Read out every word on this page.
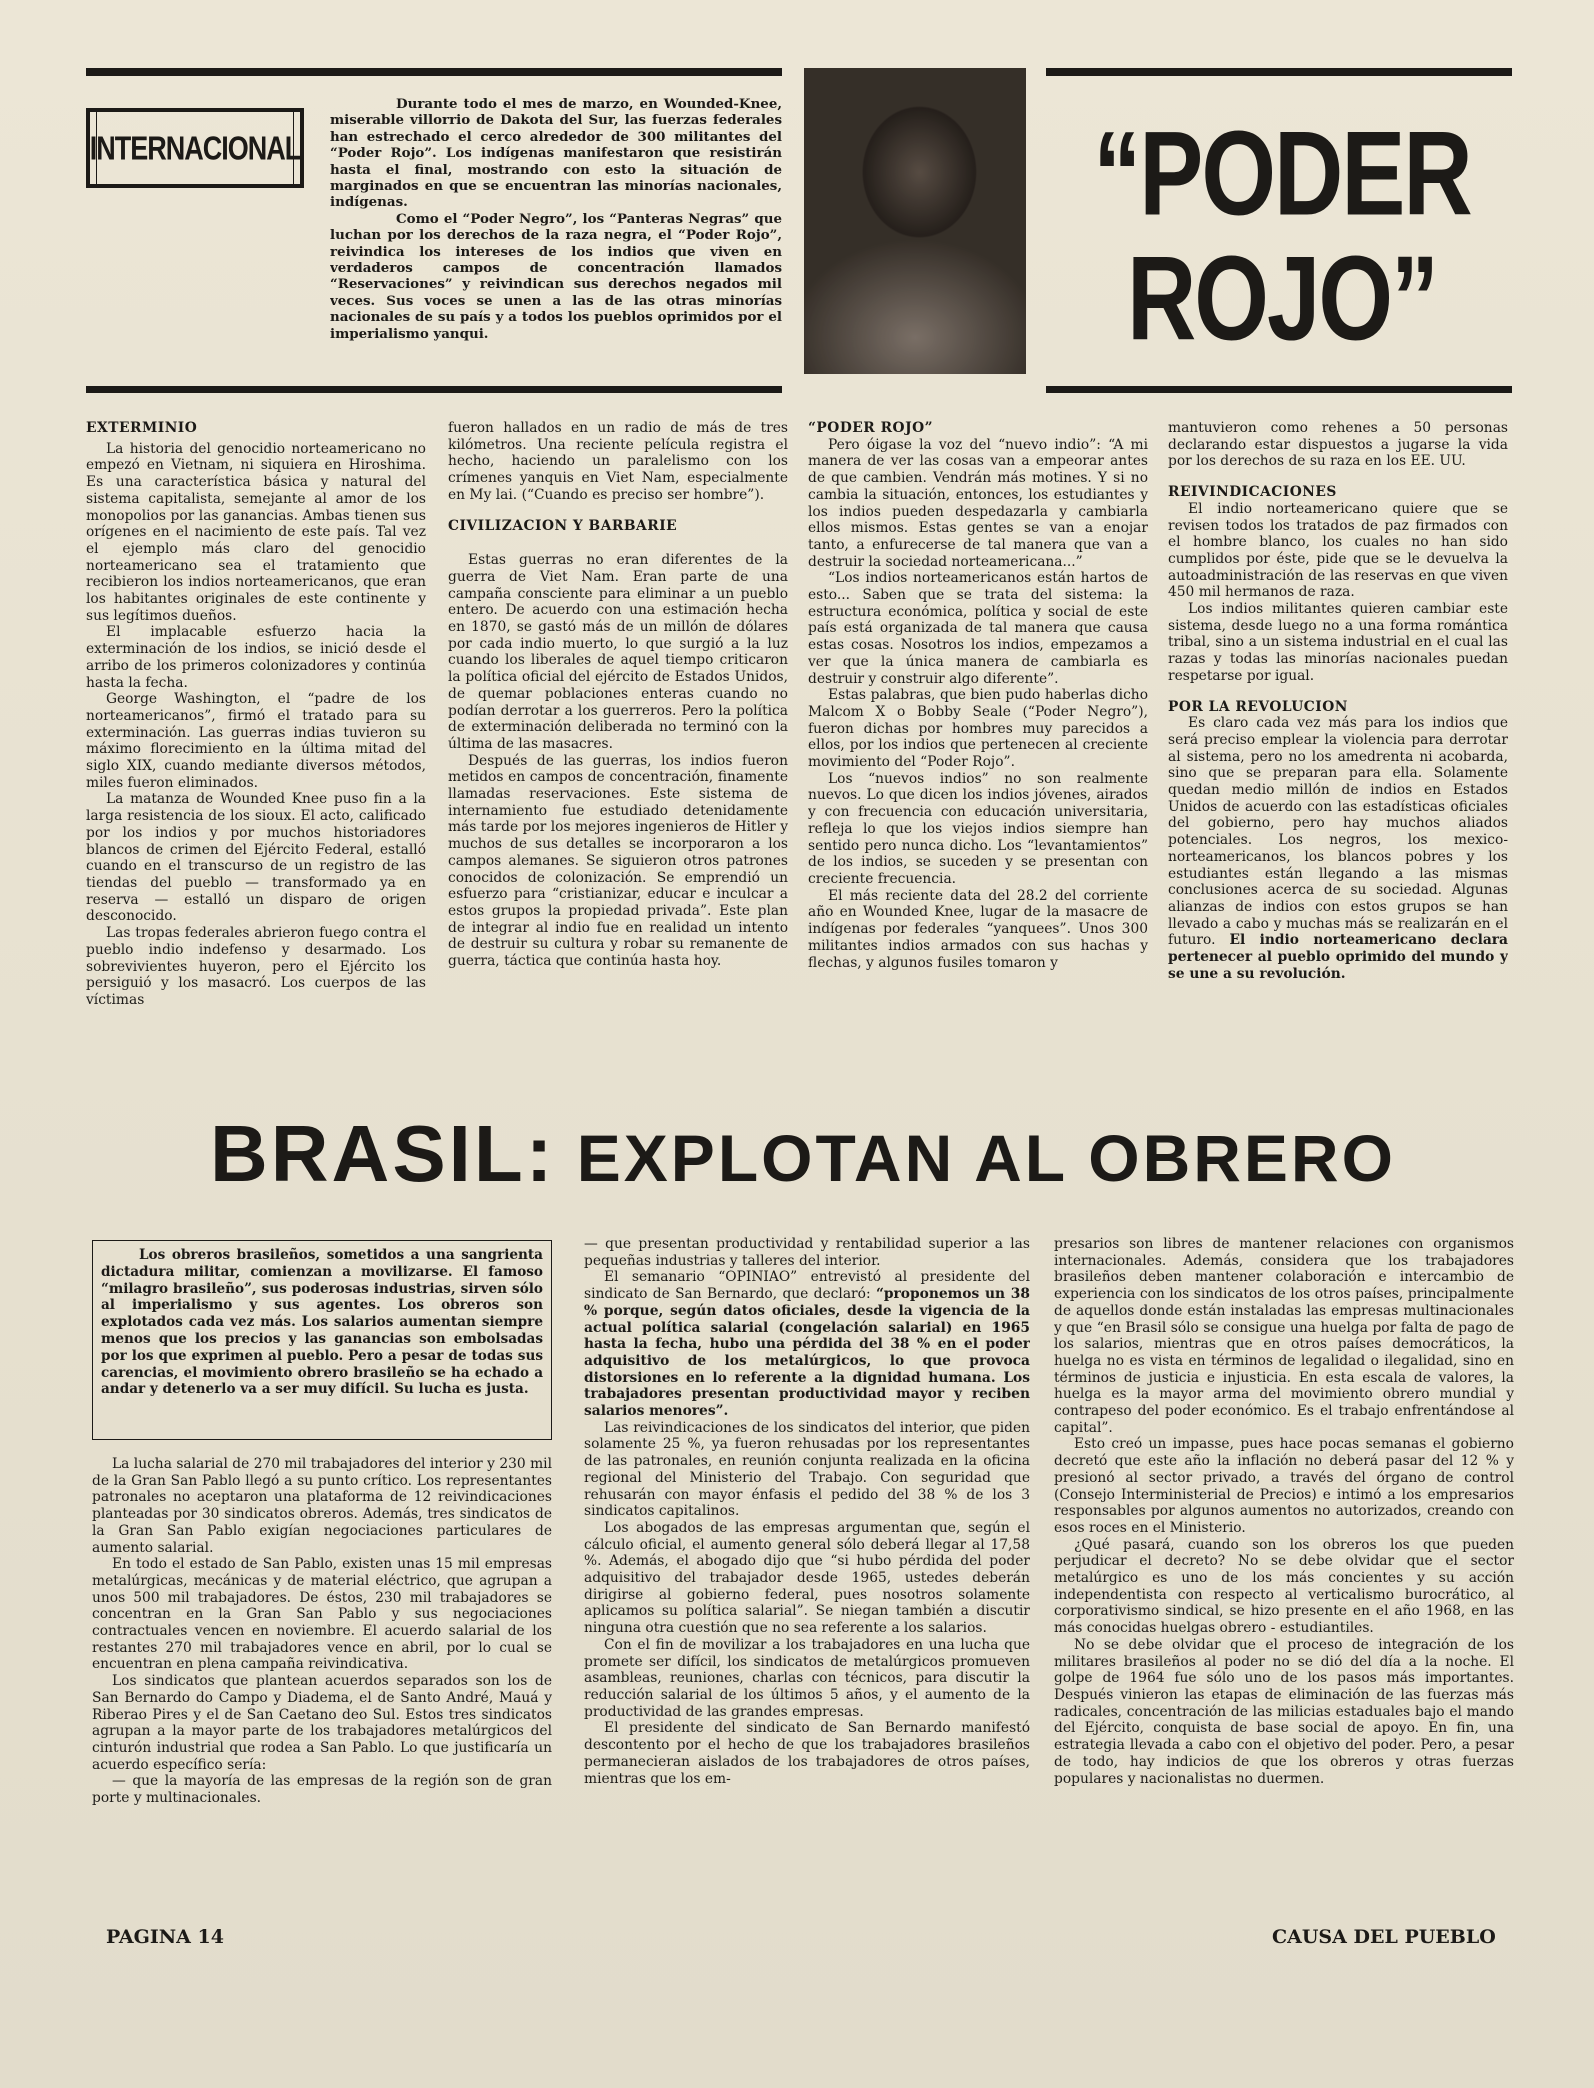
INTERNACIONAL

Durante todo el mes de marzo, en Wounded-Knee, miserable villorrio de Dakota del Sur, las fuerzas federales han estrechado el cerco alrededor de 300 militantes del “Poder Rojo”. Los indígenas manifestaron que resistirán hasta el final, mostrando con esto la situación de marginados en que se encuentran las minorías nacionales, indígenas.

Como el “Poder Negro”, los “Panteras Negras” que luchan por los derechos de la raza negra, el “Poder Rojo”, reivindica los intereses de los indios que viven en verdaderos campos de concentración llamados “Reservaciones” y reivindican sus derechos negados mil veces. Sus voces se unen a las de las otras minorías nacionales de su país y a todos los pueblos oprimidos por el imperialismo yanqui.

“PODER
ROJO”

EXTERMINIO

La historia del genocidio norteamericano no empezó en Vietnam, ni siquiera en Hiroshima. Es una característica básica y natural del sistema capitalista, semejante al amor de los monopolios por las ganancias. Ambas tienen sus orígenes en el nacimiento de este país. Tal vez el ejemplo más claro del genocidio norteamericano sea el tratamiento que recibieron los indios norteamericanos, que eran los habitantes originales de este continente y sus legítimos dueños.

El implacable esfuerzo hacia la exterminación de los indios, se inició desde el arribo de los primeros colonizadores y continúa hasta la fecha.

George Washington, el “padre de los norteamericanos”, firmó el tratado para su exterminación. Las guerras indias tuvieron su máximo florecimiento en la última mitad del siglo XIX, cuando mediante diversos métodos, miles fueron eliminados.

La matanza de Wounded Knee puso fin a la larga resistencia de los sioux. El acto, calificado por los indios y por muchos historiadores blancos de crimen del Ejército Federal, estalló cuando en el transcurso de un registro de las tiendas del pueblo — transformado ya en reserva — estalló un disparo de origen desconocido.

Las tropas federales abrieron fuego contra el pueblo indio indefenso y desarmado. Los sobrevivientes huyeron, pero el Ejército los persiguió y los masacró. Los cuerpos de las víctimas

fueron hallados en un radio de más de tres kilómetros. Una reciente película registra el hecho, haciendo un paralelismo con los crímenes yanquis en Viet Nam, especialmente en My lai. (“Cuando es preciso ser hombre”).

CIVILIZACION Y BARBARIE

Estas guerras no eran diferentes de la guerra de Viet Nam. Eran parte de una campaña consciente para eliminar a un pueblo entero. De acuerdo con una estimación hecha en 1870, se gastó más de un millón de dólares por cada indio muerto, lo que surgió a la luz cuando los liberales de aquel tiempo criticaron la política oficial del ejército de Estados Unidos, de quemar poblaciones enteras cuando no podían derrotar a los guerreros. Pero la política de exterminación deliberada no terminó con la última de las masacres.

Después de las guerras, los indios fueron metidos en campos de concentración, finamente llamadas reservaciones. Este sistema de internamiento fue estudiado detenidamente más tarde por los mejores ingenieros de Hitler y muchos de sus detalles se incorporaron a los campos alemanes. Se siguieron otros patrones conocidos de colonización. Se emprendió un esfuerzo para “cristianizar, educar e inculcar a estos grupos la propiedad privada”. Este plan de integrar al indio fue en realidad un intento de destruir su cultura y robar su remanente de guerra, táctica que continúa hasta hoy.

“PODER ROJO”

Pero óigase la voz del “nuevo indio”: “A mi manera de ver las cosas van a empeorar antes de que cambien. Vendrán más motines. Y si no cambia la situación, entonces, los estudiantes y los indios pueden despedazarla y cambiarla ellos mismos. Estas gentes se van a enojar tanto, a enfurecerse de tal manera que van a destruir la sociedad norteamericana...”

“Los indios norteamericanos están hartos de esto... Saben que se trata del sistema: la estructura económica, política y social de este país está organizada de tal manera que causa estas cosas. Nosotros los indios, empezamos a ver que la única manera de cambiarla es destruir y construir algo diferente”.

Estas palabras, que bien pudo haberlas dicho Malcom X o Bobby Seale (“Poder Negro”), fueron dichas por hombres muy parecidos a ellos, por los indios que pertenecen al creciente movimiento del “Poder Rojo”.

Los “nuevos indios” no son realmente nuevos. Lo que dicen los indios jóvenes, airados y con frecuencia con educación universitaria, refleja lo que los viejos indios siempre han sentido pero nunca dicho. Los “levantamientos” de los indios, se suceden y se presentan con creciente frecuencia.

El más reciente data del 28.2 del corriente año en Wounded Knee, lugar de la masacre de indígenas por federales “yanquees”. Unos 300 militantes indios armados con sus hachas y flechas, y algunos fusiles tomaron y

mantuvieron como rehenes a 50 personas declarando estar dispuestos a jugarse la vida por los derechos de su raza en los EE. UU.

REIVINDICACIONES

El indio norteamericano quiere que se revisen todos los tratados de paz firmados con el hombre blanco, los cuales no han sido cumplidos por éste, pide que se le devuelva la autoadministración de las reservas en que viven 450 mil hermanos de raza.

Los indios militantes quieren cambiar este sistema, desde luego no a una forma romántica tribal, sino a un sistema industrial en el cual las razas y todas las minorías nacionales puedan respetarse por igual.

POR LA REVOLUCION

Es claro cada vez más para los indios que será preciso emplear la violencia para derrotar al sistema, pero no los amedrenta ni acobarda, sino que se preparan para ella. Solamente quedan medio millón de indios en Estados Unidos de acuerdo con las estadísticas oficiales del gobierno, pero hay muchos aliados potenciales. Los negros, los mexico-norteamericanos, los blancos pobres y los estudiantes están llegando a las mismas conclusiones acerca de su sociedad. Algunas alianzas de indios con estos grupos se han llevado a cabo y muchas más se realizarán en el futuro. El indio norteamericano declara pertenecer al pueblo oprimido del mundo y se une a su revolución.

BRASIL: EXPLOTAN AL OBRERO

Los obreros brasileños, sometidos a una sangrienta dictadura militar, comienzan a movilizarse. El famoso “milagro brasileño”, sus poderosas industrias, sirven sólo al imperialismo y sus agentes. Los obreros son explotados cada vez más. Los salarios aumentan siempre menos que los precios y las ganancias son embolsadas por los que exprimen al pueblo. Pero a pesar de todas sus carencias, el movimiento obrero brasileño se ha echado a andar y detenerlo va a ser muy difícil. Su lucha es justa.

La lucha salarial de 270 mil trabajadores del interior y 230 mil de la Gran San Pablo llegó a su punto crítico. Los representantes patronales no aceptaron una plataforma de 12 reivindicaciones planteadas por 30 sindicatos obreros. Además, tres sindicatos de la Gran San Pablo exigían negociaciones particulares de aumento salarial.

En todo el estado de San Pablo, existen unas 15 mil empresas metalúrgicas, mecánicas y de material eléctrico, que agrupan a unos 500 mil trabajadores. De éstos, 230 mil trabajadores se concentran en la Gran San Pablo y sus negociaciones contractuales vencen en noviembre. El acuerdo salarial de los restantes 270 mil trabajadores vence en abril, por lo cual se encuentran en plena campaña reivindicativa.

Los sindicatos que plantean acuerdos separados son los de San Bernardo do Campo y Diadema, el de Santo André, Mauá y Riberao Pires y el de San Caetano deo Sul. Estos tres sindicatos agrupan a la mayor parte de los trabajadores metalúrgicos del cinturón industrial que rodea a San Pablo. Lo que justificaría un acuerdo específico sería:

— que la mayoría de las empresas de la región son de gran porte y multinacionales.

— que presentan productividad y rentabilidad superior a las pequeñas industrias y talleres del interior.

El semanario “OPINIAO” entrevistó al presidente del sindicato de San Bernardo, que declaró: “proponemos un 38 % porque, según datos oficiales, desde la vigencia de la actual política salarial (congelación salarial) en 1965 hasta la fecha, hubo una pérdida del 38 % en el poder adquisitivo de los metalúrgicos, lo que provoca distorsiones en lo referente a la dignidad humana. Los trabajadores presentan productividad mayor y reciben salarios menores”.

Las reivindicaciones de los sindicatos del interior, que piden solamente 25 %, ya fueron rehusadas por los representantes de las patronales, en reunión conjunta realizada en la oficina regional del Ministerio del Trabajo. Con seguridad que rehusarán con mayor énfasis el pedido del 38 % de los 3 sindicatos capitalinos.

Los abogados de las empresas argumentan que, según el cálculo oficial, el aumento general sólo deberá llegar al 17,58 %. Además, el abogado dijo que “si hubo pérdida del poder adquisitivo del trabajador desde 1965, ustedes deberán dirigirse al gobierno federal, pues nosotros solamente aplicamos su política salarial”. Se niegan también a discutir ninguna otra cuestión que no sea referente a los salarios.

Con el fin de movilizar a los trabajadores en una lucha que promete ser difícil, los sindicatos de metalúrgicos promueven asambleas, reuniones, charlas con técnicos, para discutir la reducción salarial de los últimos 5 años, y el aumento de la productividad de las grandes empresas.

El presidente del sindicato de San Bernardo manifestó descontento por el hecho de que los trabajadores brasileños permanecieran aislados de los trabajadores de otros países, mientras que los em-

presarios son libres de mantener relaciones con organismos internacionales. Además, considera que los trabajadores brasileños deben mantener colaboración e intercambio de experiencia con los sindicatos de los otros países, principalmente de aquellos donde están instaladas las empresas multinacionales y que “en Brasil sólo se consigue una huelga por falta de pago de los salarios, mientras que en otros países democráticos, la huelga no es vista en términos de legalidad o ilegalidad, sino en términos de justicia e injusticia. En esta escala de valores, la huelga es la mayor arma del movimiento obrero mundial y contrapeso del poder económico. Es el trabajo enfrentándose al capital”.

Esto creó un impasse, pues hace pocas semanas el gobierno decretó que este año la inflación no deberá pasar del 12 % y presionó al sector privado, a través del órgano de control (Consejo Interministerial de Precios) e intimó a los empresarios responsables por algunos aumentos no autorizados, creando con esos roces en el Ministerio.

¿Qué pasará, cuando son los obreros los que pueden perjudicar el decreto? No se debe olvidar que el sector metalúrgico es uno de los más concientes y su acción independentista con respecto al verticalismo burocrático, al corporativismo sindical, se hizo presente en el año 1968, en las más conocidas huelgas obrero - estudiantiles.

No se debe olvidar que el proceso de integración de los militares brasileños al poder no se dió del día a la noche. El golpe de 1964 fue sólo uno de los pasos más importantes. Después vinieron las etapas de eliminación de las fuerzas más radicales, concentración de las milicias estaduales bajo el mando del Ejército, conquista de base social de apoyo. En fin, una estrategia llevada a cabo con el objetivo del poder. Pero, a pesar de todo, hay indicios de que los obreros y otras fuerzas populares y nacionalistas no duermen.

PAGINA 14	CAUSA DEL PUEBLO
